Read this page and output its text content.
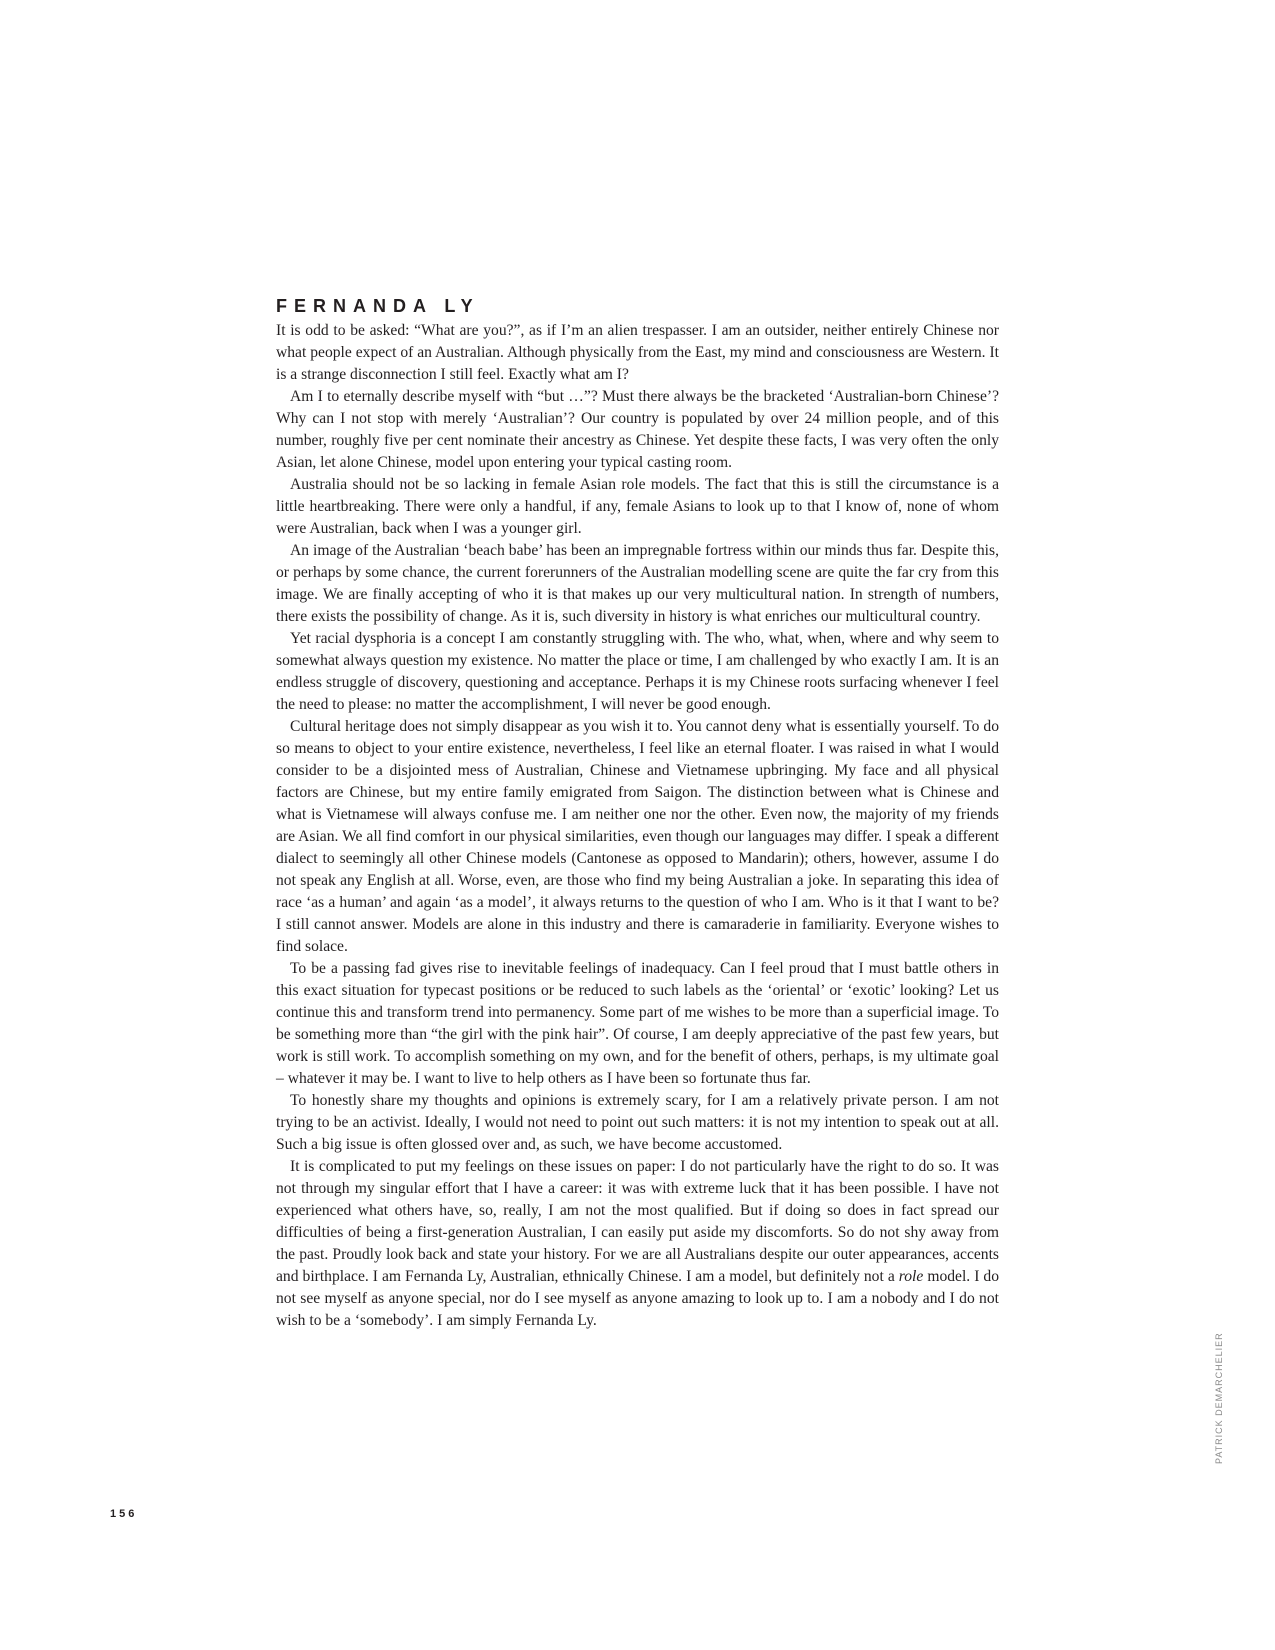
FERNANDA LY

It is odd to be asked: “What are you?”, as if I’m an alien trespasser. I am an outsider, neither entirely Chinese nor what people expect of an Australian. Although physically from the East, my mind and consciousness are Western. It is a strange disconnection I still feel. Exactly what am I?

Am I to eternally describe myself with “but …”? Must there always be the bracketed ‘Australian-born Chinese’? Why can I not stop with merely ‘Australian’? Our country is populated by over 24 million people, and of this number, roughly five per cent nominate their ancestry as Chinese. Yet despite these facts, I was very often the only Asian, let alone Chinese, model upon entering your typical casting room.

Australia should not be so lacking in female Asian role models. The fact that this is still the circumstance is a little heartbreaking. There were only a handful, if any, female Asians to look up to that I know of, none of whom were Australian, back when I was a younger girl.

An image of the Australian ‘beach babe’ has been an impregnable fortress within our minds thus far. Despite this, or perhaps by some chance, the current forerunners of the Australian modelling scene are quite the far cry from this image. We are finally accepting of who it is that makes up our very multicultural nation. In strength of numbers, there exists the possibility of change. As it is, such diversity in history is what enriches our multicultural country.

Yet racial dysphoria is a concept I am constantly struggling with. The who, what, when, where and why seem to somewhat always question my existence. No matter the place or time, I am challenged by who exactly I am. It is an endless struggle of discovery, questioning and acceptance. Perhaps it is my Chinese roots surfacing whenever I feel the need to please: no matter the accomplishment, I will never be good enough.

Cultural heritage does not simply disappear as you wish it to. You cannot deny what is essentially yourself. To do so means to object to your entire existence, nevertheless, I feel like an eternal floater. I was raised in what I would consider to be a disjointed mess of Australian, Chinese and Vietnamese upbringing. My face and all physical factors are Chinese, but my entire family emigrated from Saigon. The distinction between what is Chinese and what is Vietnamese will always confuse me. I am neither one nor the other. Even now, the majority of my friends are Asian. We all find comfort in our physical similarities, even though our languages may differ. I speak a different dialect to seemingly all other Chinese models (Cantonese as opposed to Mandarin); others, however, assume I do not speak any English at all. Worse, even, are those who find my being Australian a joke. In separating this idea of race ‘as a human’ and again ‘as a model’, it always returns to the question of who I am. Who is it that I want to be? I still cannot answer. Models are alone in this industry and there is camaraderie in familiarity. Everyone wishes to find solace.

To be a passing fad gives rise to inevitable feelings of inadequacy. Can I feel proud that I must battle others in this exact situation for typecast positions or be reduced to such labels as the ‘oriental’ or ‘exotic’ looking? Let us continue this and transform trend into permanency. Some part of me wishes to be more than a superficial image. To be something more than “the girl with the pink hair”. Of course, I am deeply appreciative of the past few years, but work is still work. To accomplish something on my own, and for the benefit of others, perhaps, is my ultimate goal – whatever it may be. I want to live to help others as I have been so fortunate thus far.

To honestly share my thoughts and opinions is extremely scary, for I am a relatively private person. I am not trying to be an activist. Ideally, I would not need to point out such matters: it is not my intention to speak out at all. Such a big issue is often glossed over and, as such, we have become accustomed.

It is complicated to put my feelings on these issues on paper: I do not particularly have the right to do so. It was not through my singular effort that I have a career: it was with extreme luck that it has been possible. I have not experienced what others have, so, really, I am not the most qualified. But if doing so does in fact spread our difficulties of being a first-generation Australian, I can easily put aside my discomforts. So do not shy away from the past. Proudly look back and state your history. For we are all Australians despite our outer appearances, accents and birthplace. I am Fernanda Ly, Australian, ethnically Chinese. I am a model, but definitely not a role model. I do not see myself as anyone special, nor do I see myself as anyone amazing to look up to. I am a nobody and I do not wish to be a ‘somebody’. I am simply Fernanda Ly.

PATRICK DEMARCHELIER
156
